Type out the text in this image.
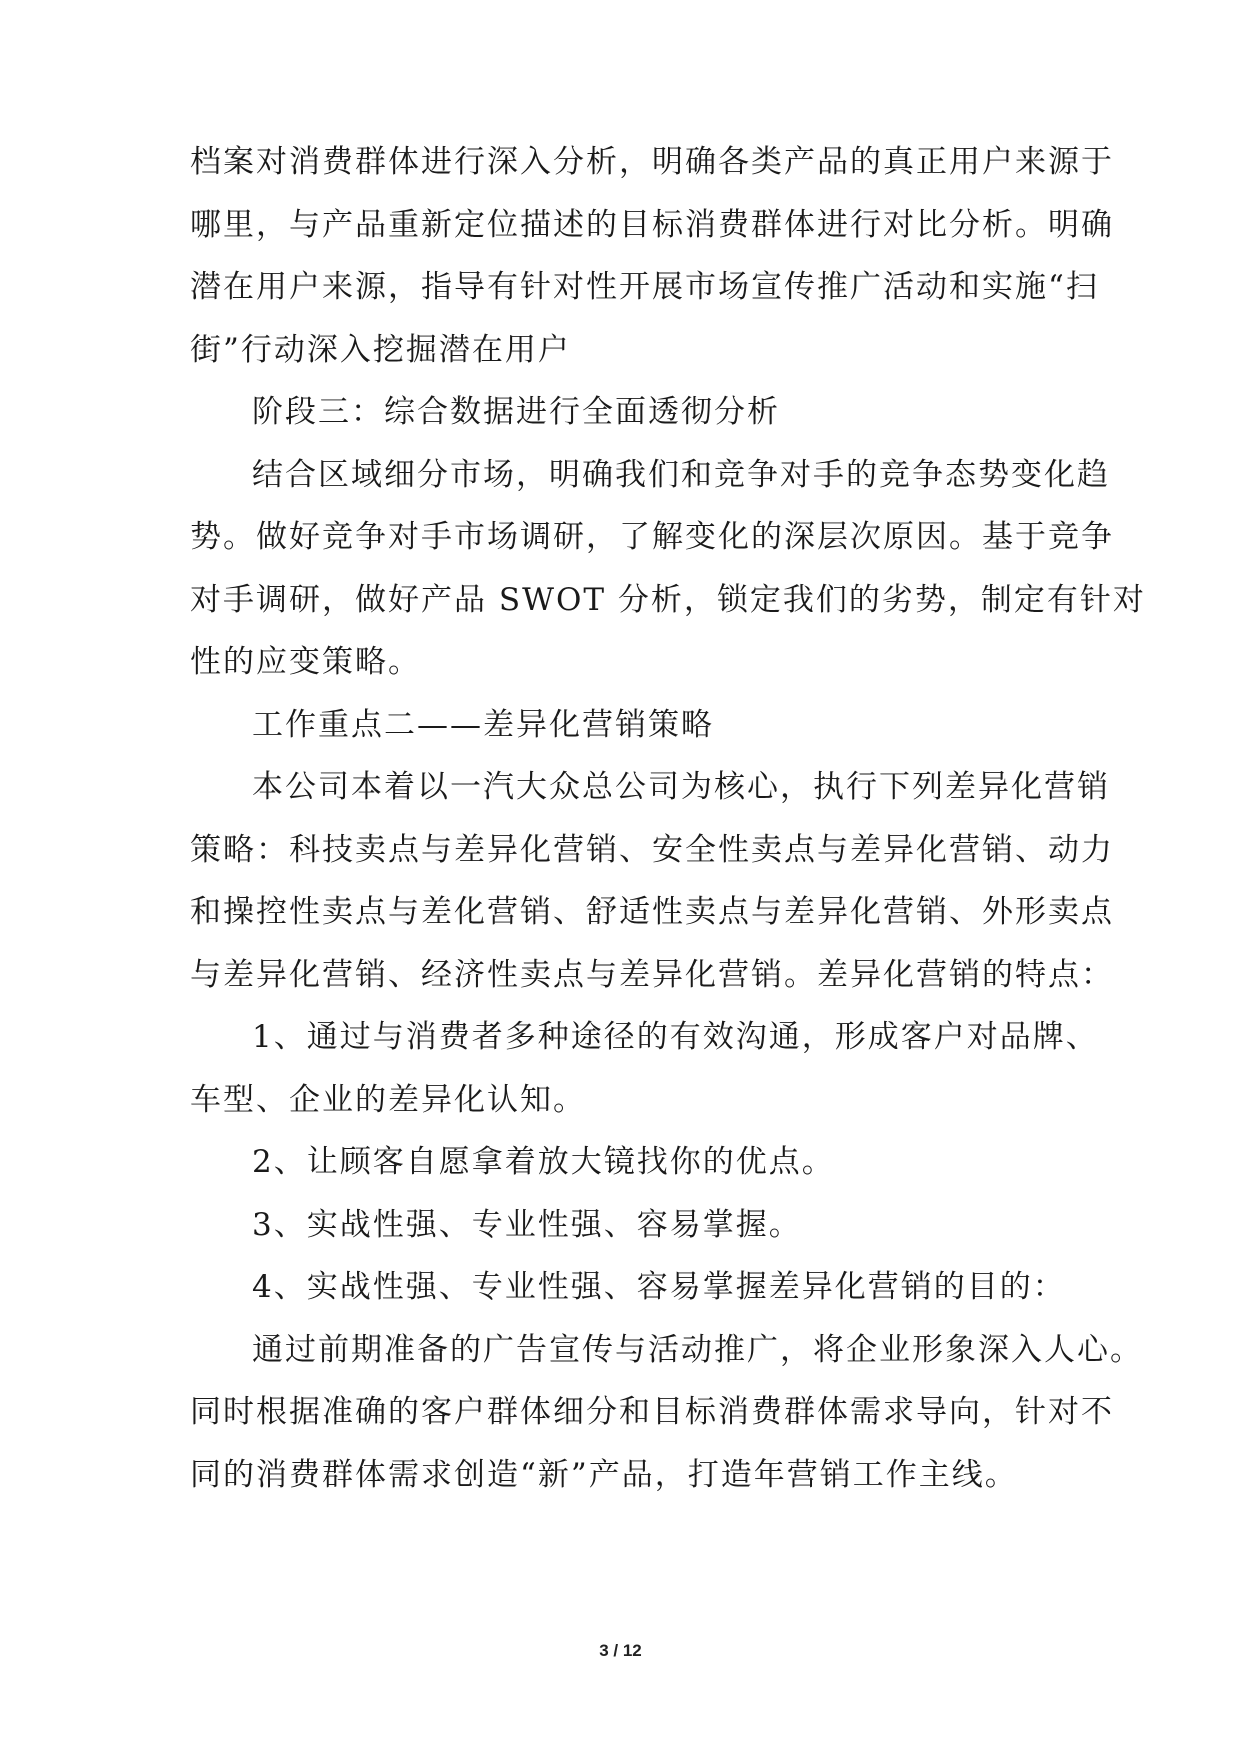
档案对消费群体进行深入分析，明确各类产品的真正用户来源于
哪里，与产品重新定位描述的目标消费群体进行对比分析。明确
潜在用户来源，指导有针对性开展市场宣传推广活动和实施“扫
街”行动深入挖掘潜在用户
阶段三：综合数据进行全面透彻分析
结合区域细分市场，明确我们和竞争对手的竞争态势变化趋
势。做好竞争对手市场调研，了解变化的深层次原因。基于竞争
对手调研，做好产品 SWOT 分析，锁定我们的劣势，制定有针对
性的应变策略。
工作重点二——差异化营销策略
本公司本着以一汽大众总公司为核心，执行下列差异化营销
策略：科技卖点与差异化营销、安全性卖点与差异化营销、动力
和操控性卖点与差化营销、舒适性卖点与差异化营销、外形卖点
与差异化营销、经济性卖点与差异化营销。差异化营销的特点：
1、通过与消费者多种途径的有效沟通，形成客户对品牌、
车型、企业的差异化认知。
2、让顾客自愿拿着放大镜找你的优点。
3、实战性强、专业性强、容易掌握。
4、实战性强、专业性强、容易掌握差异化营销的目的：
通过前期准备的广告宣传与活动推广，将企业形象深入人心。
同时根据准确的客户群体细分和目标消费群体需求导向，针对不
同的消费群体需求创造“新”产品，打造年营销工作主线。
3 / 12
